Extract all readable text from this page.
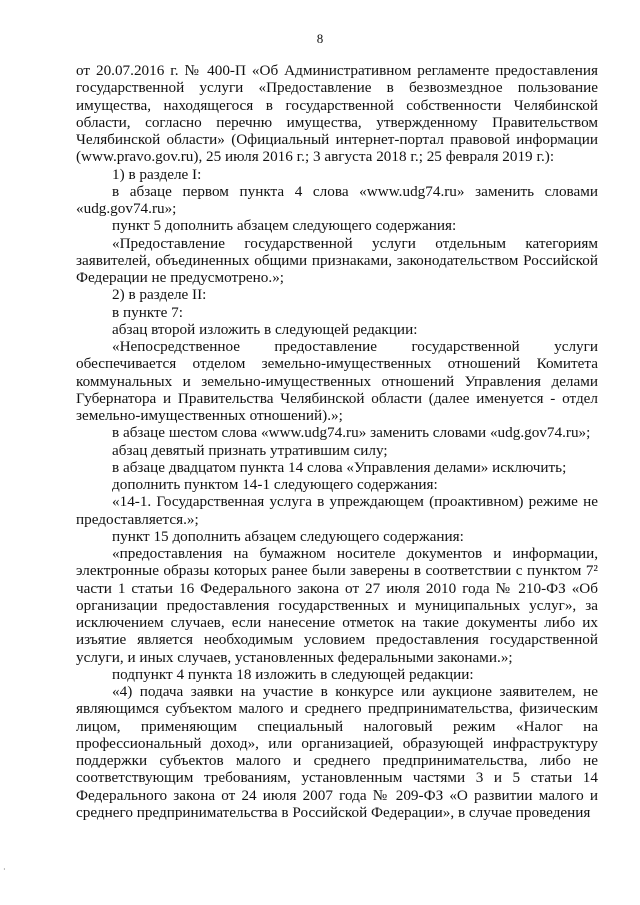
8

от 20.07.2016 г. № 400-П «Об Административном регламенте предоставления государственной услуги «Предоставление в безвозмездное пользование имущества, находящегося в государственной собственности Челябинской области, согласно перечню имущества, утвержденному Правительством Челябинской области» (Официальный интернет-портал правовой информации (www.pravo.gov.ru), 25 июля 2016 г.; 3 августа 2018 г.; 25 февраля 2019 г.):

1) в разделе I:

в абзаце первом пункта 4 слова «www.udg74.ru» заменить словами «udg.gov74.ru»;

пункт 5 дополнить абзацем следующего содержания:

«Предоставление государственной услуги отдельным категориям заявителей, объединенных общими признаками, законодательством Российской Федерации не предусмотрено.»;

2) в разделе II:

в пункте 7:

абзац второй изложить в следующей редакции:

«Непосредственное предоставление государственной услуги обеспечивается отделом земельно-имущественных отношений Комитета коммунальных и земельно-имущественных отношений Управления делами Губернатора и Правительства Челябинской области (далее именуется - отдел земельно-имущественных отношений).»;

в абзаце шестом слова «www.udg74.ru» заменить словами «udg.gov74.ru»;

абзац девятый признать утратившим силу;

в абзаце двадцатом пункта 14 слова «Управления делами» исключить;

дополнить пунктом 14-1 следующего содержания:

«14-1. Государственная услуга в упреждающем (проактивном) режиме не предоставляется.»;

пункт 15 дополнить абзацем следующего содержания:

«предоставления на бумажном носителе документов и информации, электронные образы которых ранее были заверены в соответствии с пунктом 7² части 1 статьи 16 Федерального закона от 27 июля 2010 года № 210-ФЗ «Об организации предоставления государственных и муниципальных услуг», за исключением случаев, если нанесение отметок на такие документы либо их изъятие является необходимым условием предоставления государственной услуги, и иных случаев, установленных федеральными законами.»;

подпункт 4 пункта 18 изложить в следующей редакции:

«4) подача заявки на участие в конкурсе или аукционе заявителем, не являющимся субъектом малого и среднего предпринимательства, физическим лицом, применяющим специальный налоговый режим «Налог на профессиональный доход», или организацией, образующей инфраструктуру поддержки субъектов малого и среднего предпринимательства, либо не соответствующим требованиям, установленным частями 3 и 5 статьи 14 Федерального закона от 24 июля 2007 года № 209-ФЗ «О развитии малого и среднего предпринимательства в Российской Федерации», в случае проведения

·
